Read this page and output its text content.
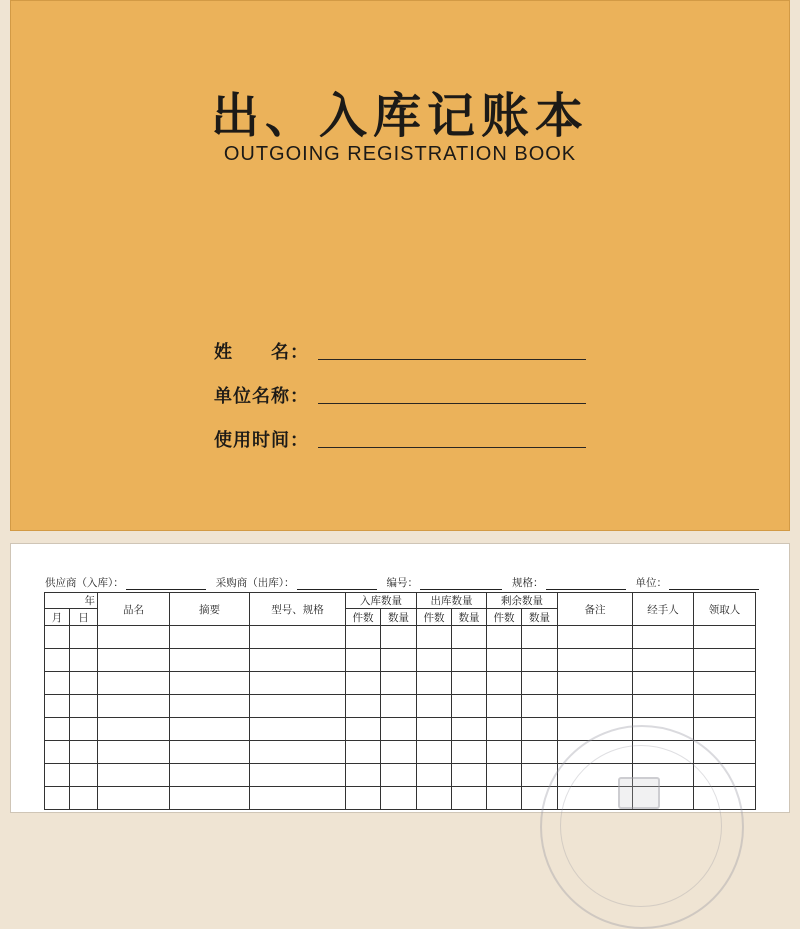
出、入库记账本
OUTGOING REGISTRATION BOOK
姓　　名：
单位名称：
使用时间：
供应商（入库）：	采购商（出库）：	编号：	规格：	单位：
年		品名	摘要	型号、规格	入库数量		出库数量		剩余数量		备注	经手人	领取人
月	日				件数	数量	件数	数量	件数	数量			
